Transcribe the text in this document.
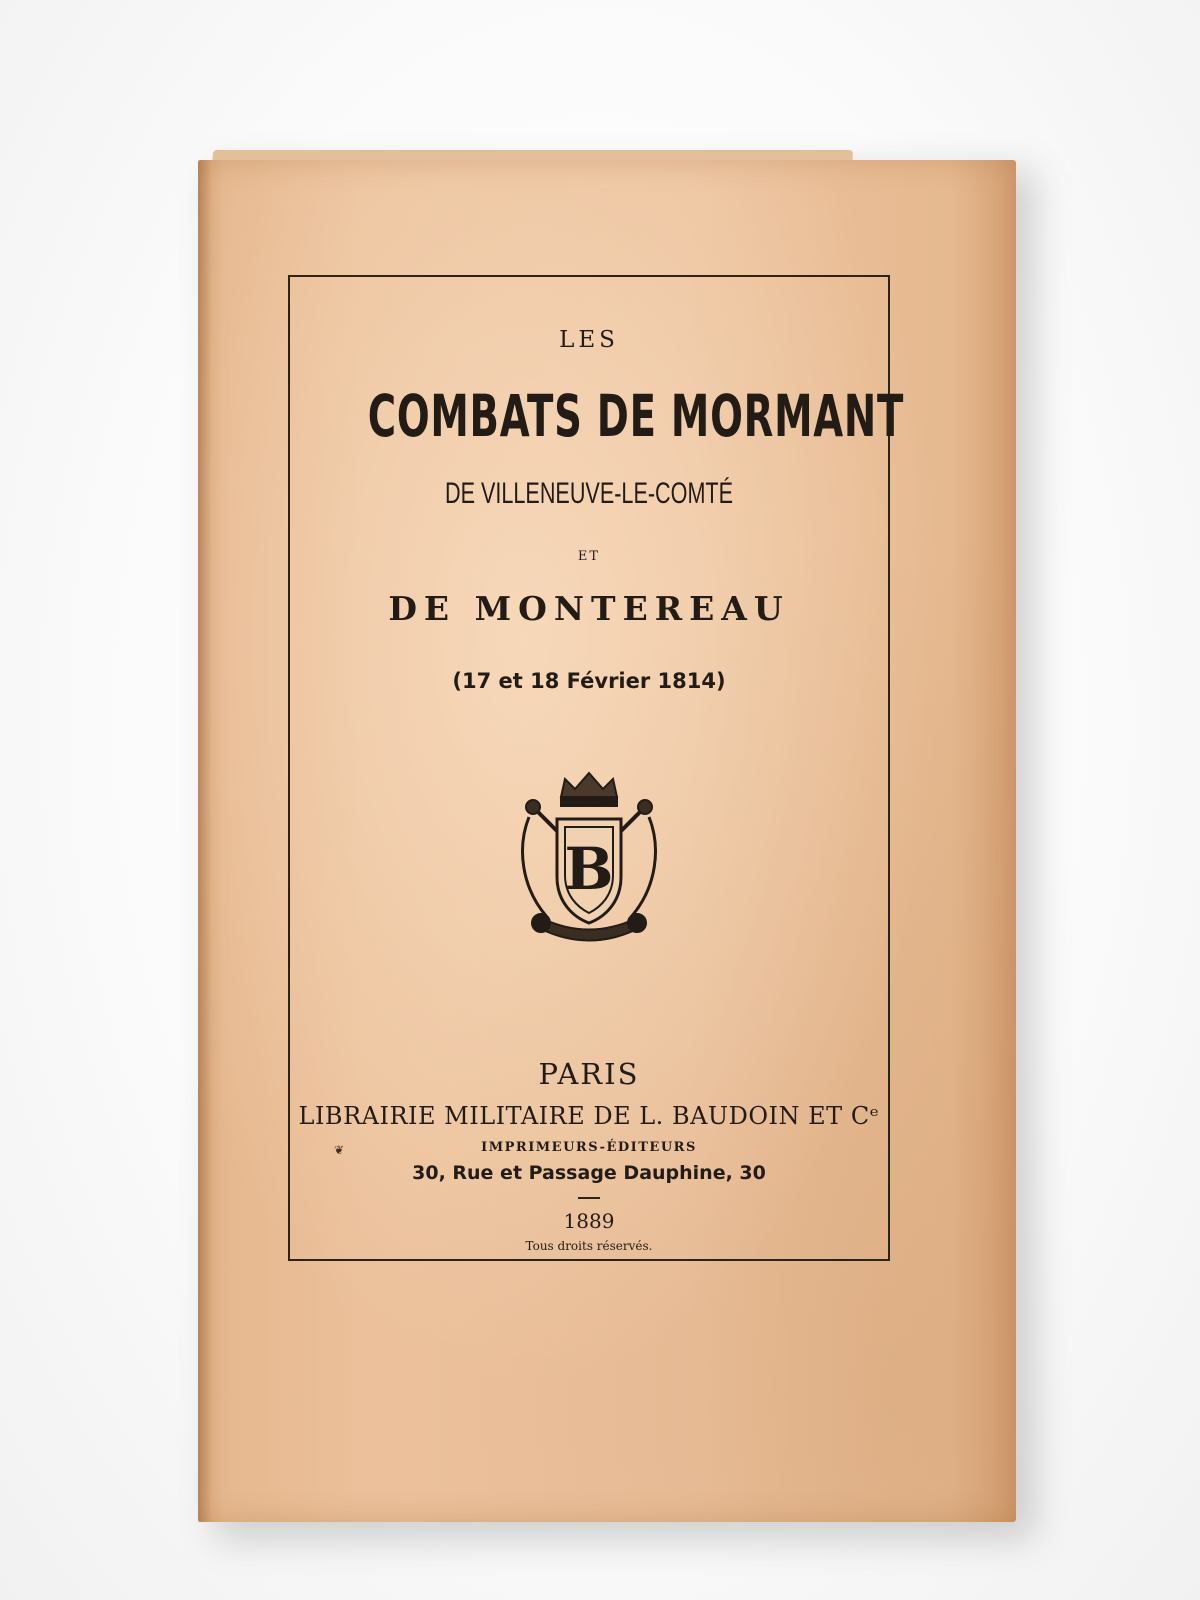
LES
COMBATS DE MORMANT
DE VILLENEUVE-LE-COMTÉ
ET
DE MONTEREAU
(17 et 18 Février 1814)
B
PARIS
LIBRAIRIE MILITAIRE DE L. BAUDOIN ET Cᵉ
❦	IMPRIMEURS-ÉDITEURS
30, Rue et Passage Dauphine, 30
1889
Tous droits réservés.
